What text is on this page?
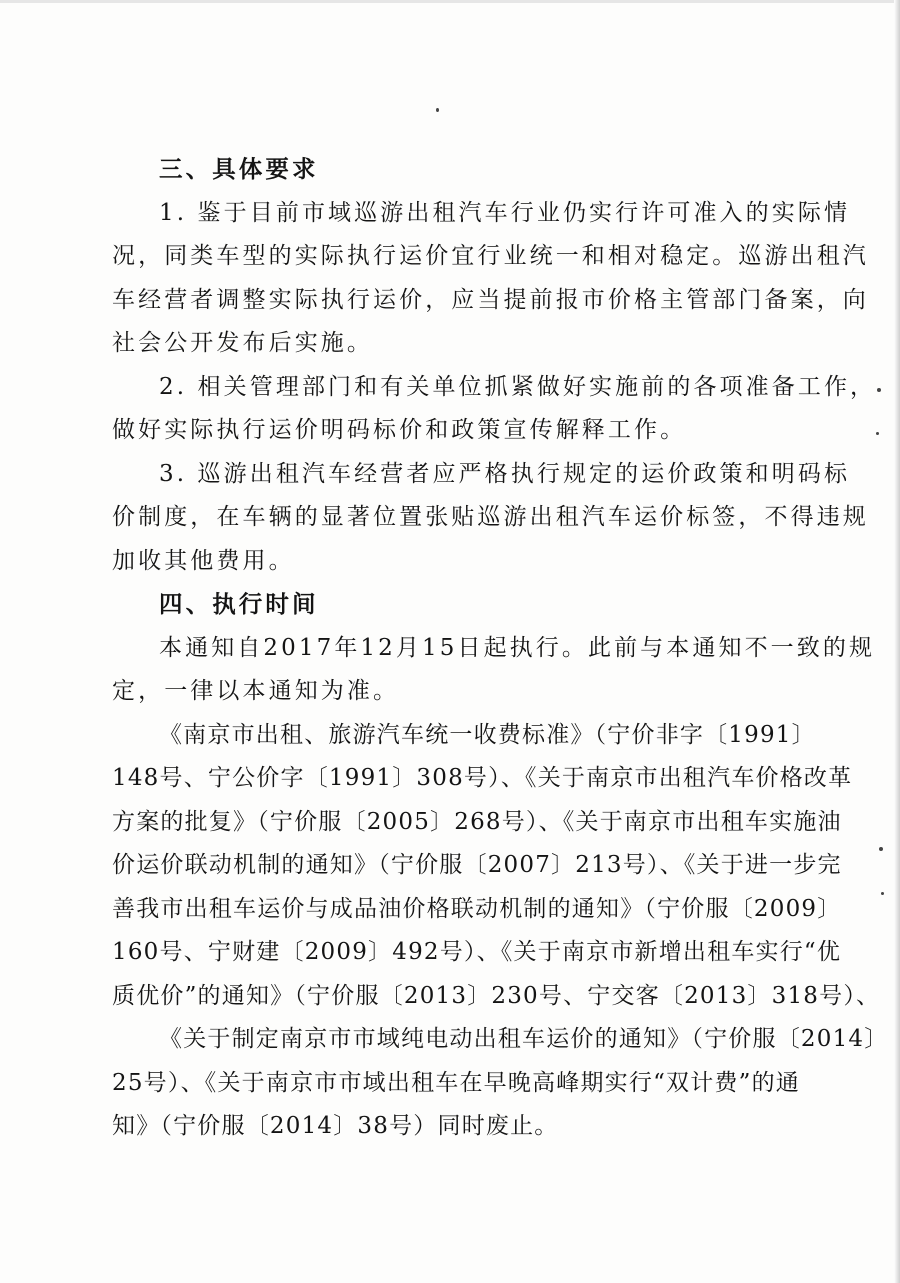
三、具体要求
1. 鉴于目前市域巡游出租汽车行业仍实行许可准入的实际情
况，同类车型的实际执行运价宜行业统一和相对稳定。巡游出租汽
车经营者调整实际执行运价，应当提前报市价格主管部门备案，向
社会公开发布后实施。
2. 相关管理部门和有关单位抓紧做好实施前的各项准备工作，
做好实际执行运价明码标价和政策宣传解释工作。
3. 巡游出租汽车经营者应严格执行规定的运价政策和明码标
价制度，在车辆的显著位置张贴巡游出租汽车运价标签，不得违规
加收其他费用。
四、执行时间
本通知自2017年12月15日起执行。此前与本通知不一致的规
定，一律以本通知为准。
《南京市出租、旅游汽车统一收费标准》（宁价非字〔1991〕
148号、宁公价字〔1991〕308号）、《关于南京市出租汽车价格改革
方案的批复》（宁价服〔2005〕268号）、《关于南京市出租车实施油
价运价联动机制的通知》（宁价服〔2007〕213号）、《关于进一步完
善我市出租车运价与成品油价格联动机制的通知》（宁价服〔2009〕
160号、宁财建〔2009〕492号）、《关于南京市新增出租车实行“优
质优价”的通知》（宁价服〔2013〕230号、宁交客〔2013〕318号）、
《关于制定南京市市域纯电动出租车运价的通知》（宁价服〔2014〕
25号）、《关于南京市市域出租车在早晚高峰期实行“双计费”的通
知》（宁价服〔2014〕38号）同时废止。
